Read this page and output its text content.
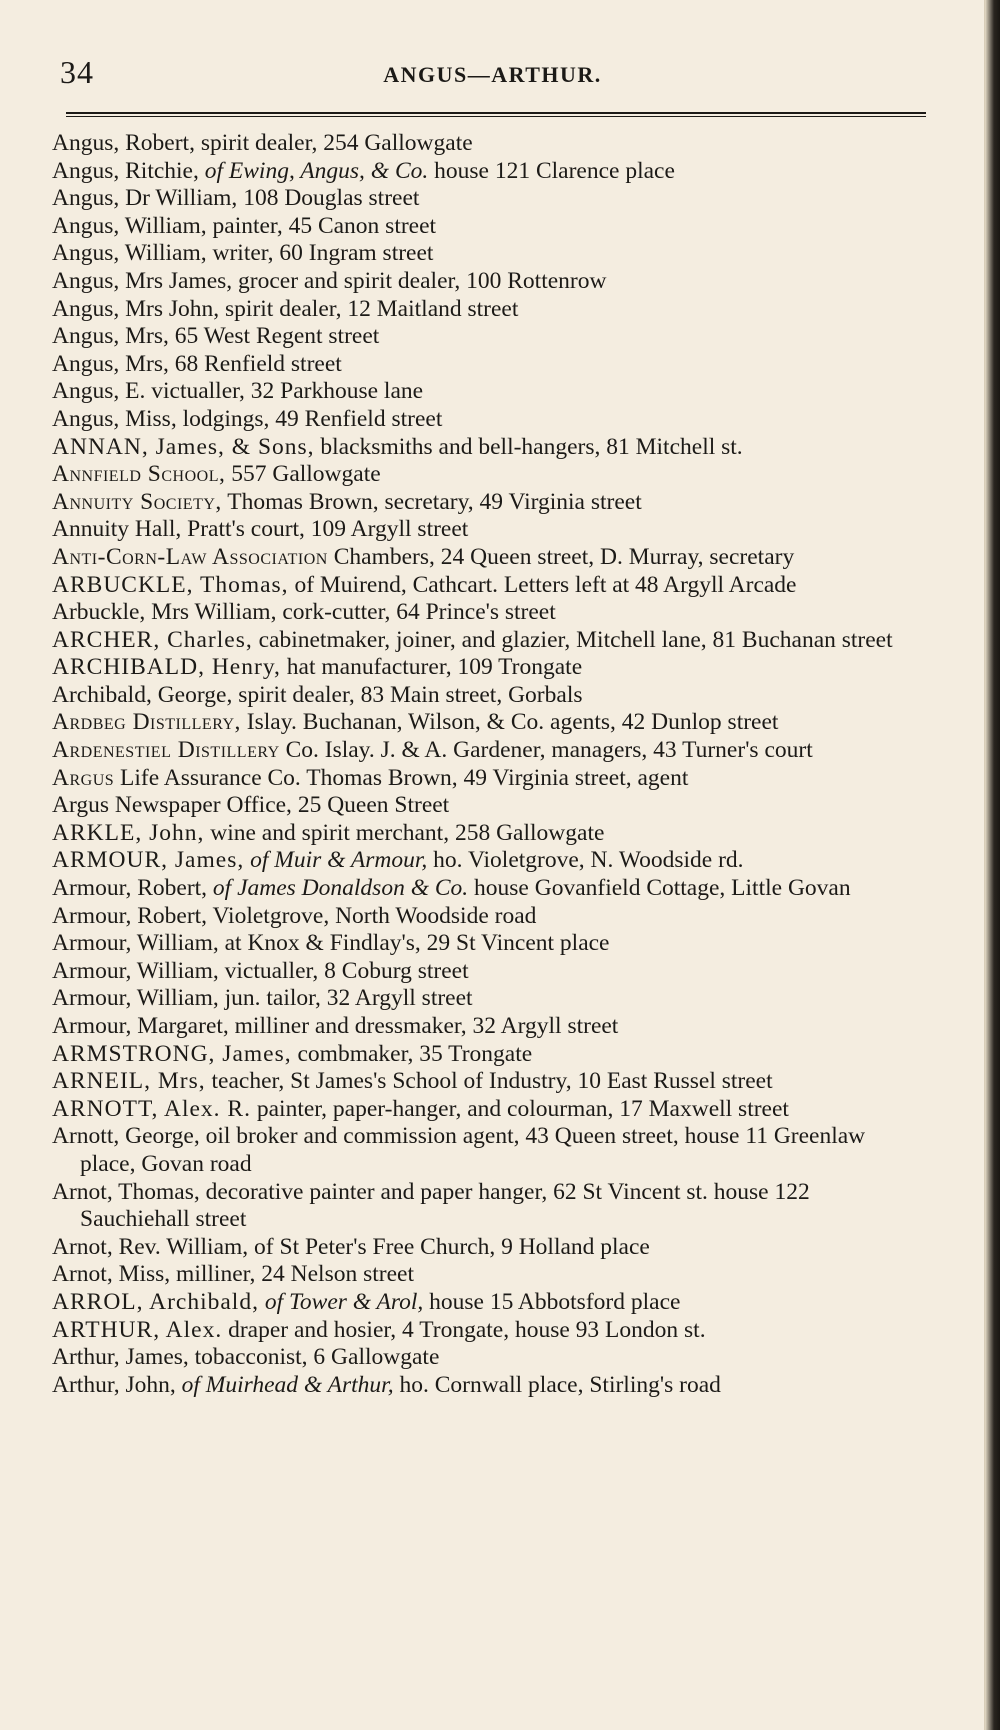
34	ANGUS—ARTHUR.
Angus, Robert, spirit dealer, 254 Gallowgate
Angus, Ritchie, of Ewing, Angus, & Co. house 121 Clarence place
Angus, Dr William, 108 Douglas street
Angus, William, painter, 45 Canon street
Angus, William, writer, 60 Ingram street
Angus, Mrs James, grocer and spirit dealer, 100 Rottenrow
Angus, Mrs John, spirit dealer, 12 Maitland street
Angus, Mrs, 65 West Regent street
Angus, Mrs, 68 Renfield street
Angus, E. victualler, 32 Parkhouse lane
Angus, Miss, lodgings, 49 Renfield street
ANNAN, James, & Sons, blacksmiths and bell-hangers, 81 Mitchell st.
Annfield School, 557 Gallowgate
Annuity Society, Thomas Brown, secretary, 49 Virginia street
Annuity Hall, Pratt's court, 109 Argyll street
Anti-Corn-Law Association Chambers, 24 Queen street, D. Murray, secretary
ARBUCKLE, Thomas, of Muirend, Cathcart. Letters left at 48 Argyll Arcade
Arbuckle, Mrs William, cork-cutter, 64 Prince's street
ARCHER, Charles, cabinetmaker, joiner, and glazier, Mitchell lane, 81 Buchanan street
ARCHIBALD, Henry, hat manufacturer, 109 Trongate
Archibald, George, spirit dealer, 83 Main street, Gorbals
Ardbeg Distillery, Islay. Buchanan, Wilson, & Co. agents, 42 Dunlop street
Ardenestiel Distillery Co. Islay. J. & A. Gardener, managers, 43 Turner's court
Argus Life Assurance Co. Thomas Brown, 49 Virginia street, agent
Argus Newspaper Office, 25 Queen Street
ARKLE, John, wine and spirit merchant, 258 Gallowgate
ARMOUR, James, of Muir & Armour, ho. Violetgrove, N. Woodside rd.
Armour, Robert, of James Donaldson & Co. house Govanfield Cottage, Little Govan
Armour, Robert, Violetgrove, North Woodside road
Armour, William, at Knox & Findlay's, 29 St Vincent place
Armour, William, victualler, 8 Coburg street
Armour, William, jun. tailor, 32 Argyll street
Armour, Margaret, milliner and dressmaker, 32 Argyll street
ARMSTRONG, James, combmaker, 35 Trongate
ARNEIL, Mrs, teacher, St James's School of Industry, 10 East Russel street
ARNOTT, Alex. R. painter, paper-hanger, and colourman, 17 Maxwell street
Arnott, George, oil broker and commission agent, 43 Queen street, house 11 Greenlaw place, Govan road
Arnot, Thomas, decorative painter and paper hanger, 62 St Vincent st. house 122 Sauchiehall street
Arnot, Rev. William, of St Peter's Free Church, 9 Holland place
Arnot, Miss, milliner, 24 Nelson street
ARROL, Archibald, of Tower & Arol, house 15 Abbotsford place
ARTHUR, Alex. draper and hosier, 4 Trongate, house 93 London st.
Arthur, James, tobacconist, 6 Gallowgate
Arthur, John, of Muirhead & Arthur, ho. Cornwall place, Stirling's road
